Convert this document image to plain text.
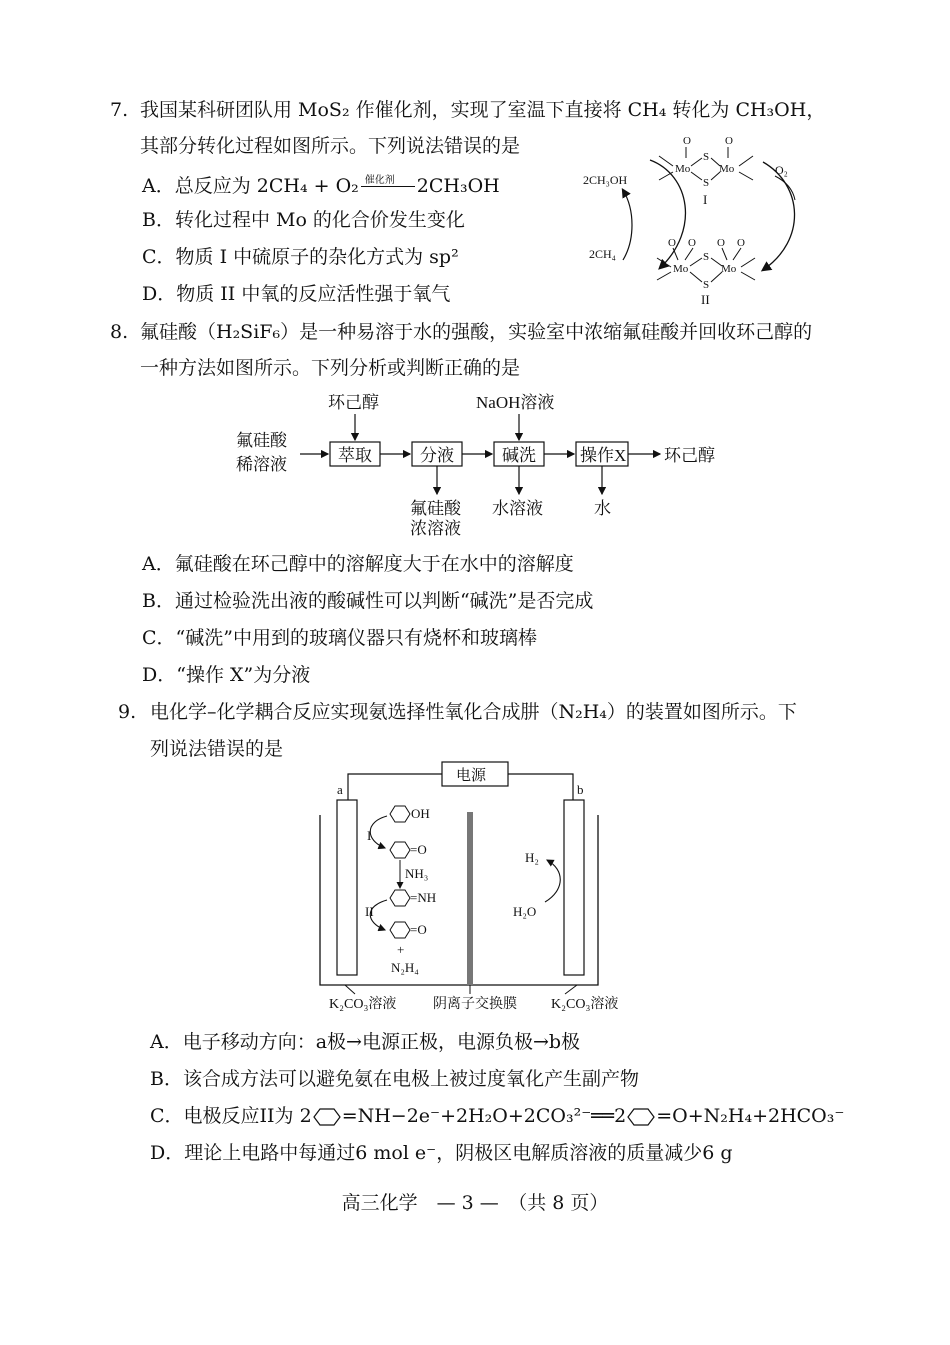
7. 我国某科研团队用 MoS₂ 作催化剂，实现了室温下直接将 CH₄ 转化为 CH₃OH，
其部分转化过程如图所示。下列说法错误的是
A．总反应为 2CH₄ + O₂ 催化剂 2CH₃OH
B．转化过程中 Mo 的化合价发生变化
C．物质 I 中硫原子的杂化方式为 sp²
D．物质 II 中氧的反应活性强于氧气
O	O
Mo	Mo
S
S
I
O O O O
Mo	Mo
S
S
II
2CH₃OH
2CH₄
O₂
8. 氟硅酸（H₂SiF₆）是一种易溶于水的强酸，实验室中浓缩氟硅酸并回收环己醇的
一种方法如图所示。下列分析或判断正确的是
环己醇	NaOH溶液
氟硅酸
稀溶液	萃取	分液	碱洗	操作X 环己醇
氟硅酸
浓溶液
水溶液	水
A．氟硅酸在环己醇中的溶解度大于在水中的溶解度
B．通过检验洗出液的酸碱性可以判断“碱洗”是否完成
C．“碱洗”中用到的玻璃仪器只有烧杯和玻璃棒
D．“操作 X”为分液
9. 电化学–化学耦合反应实现氨选择性氧化合成肼（N₂H₄）的装置如图所示。下
列说法错误的是
电源
a	b
OH
=O
NH₃
=NH
=O
+
N₂H₄
I
II
H₂
H₂O
K₂CO₃溶液	阴离子交换膜 K₂CO₃溶液
A．电子移动方向：a极→电源正极，电源负极→b极
B．该合成方法可以避免氨在电极上被过度氧化产生副产物
C．电极反应II为 2 =NH−2e⁻+2H₂O+2CO₃²⁻══2 =O+N₂H₄+2HCO₃⁻
D．理论上电路中每通过6 mol e⁻，阴极区电解质溶液的质量减少6 g
高三化学　— 3 —　（共 8 页）
